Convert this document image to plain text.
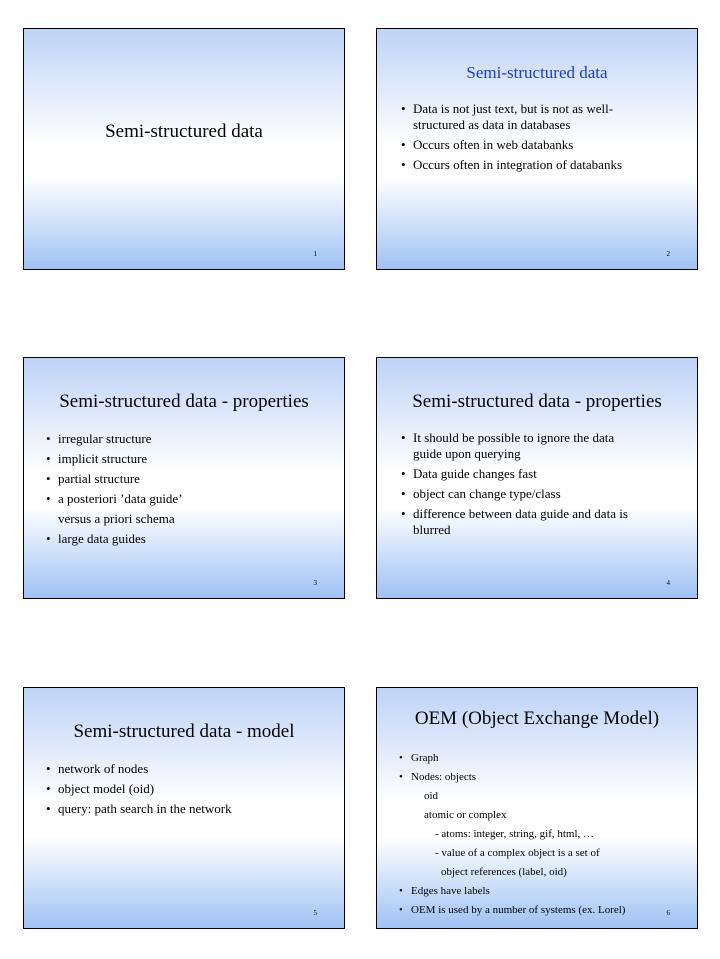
Semi-structured data
1
Semi-structured data
• Data is not just text, but is not as well-
structured as data in databases
• Occurs often in web databanks
• Occurs often in integration of databanks
2
Semi-structured data - properties
• irregular structure
• implicit structure
• partial structure
• a posteriori ’data guide’
versus a priori schema
• large data guides
3
Semi-structured data - properties
• It should be possible to ignore the data
guide upon querying
• Data guide changes fast
• object can change type/class
• difference between data guide and data is
blurred
4
Semi-structured data - model
• network of nodes
• object model (oid)
• query: path search in the network
5
OEM (Object Exchange Model)
• Graph
• Nodes: objects
oid
atomic or complex
- atoms: integer, string, gif, html, …
- value of a complex object is a set of
object references (label, oid)
• Edges have labels
• OEM is used by a number of systems (ex. Lorel)	6
